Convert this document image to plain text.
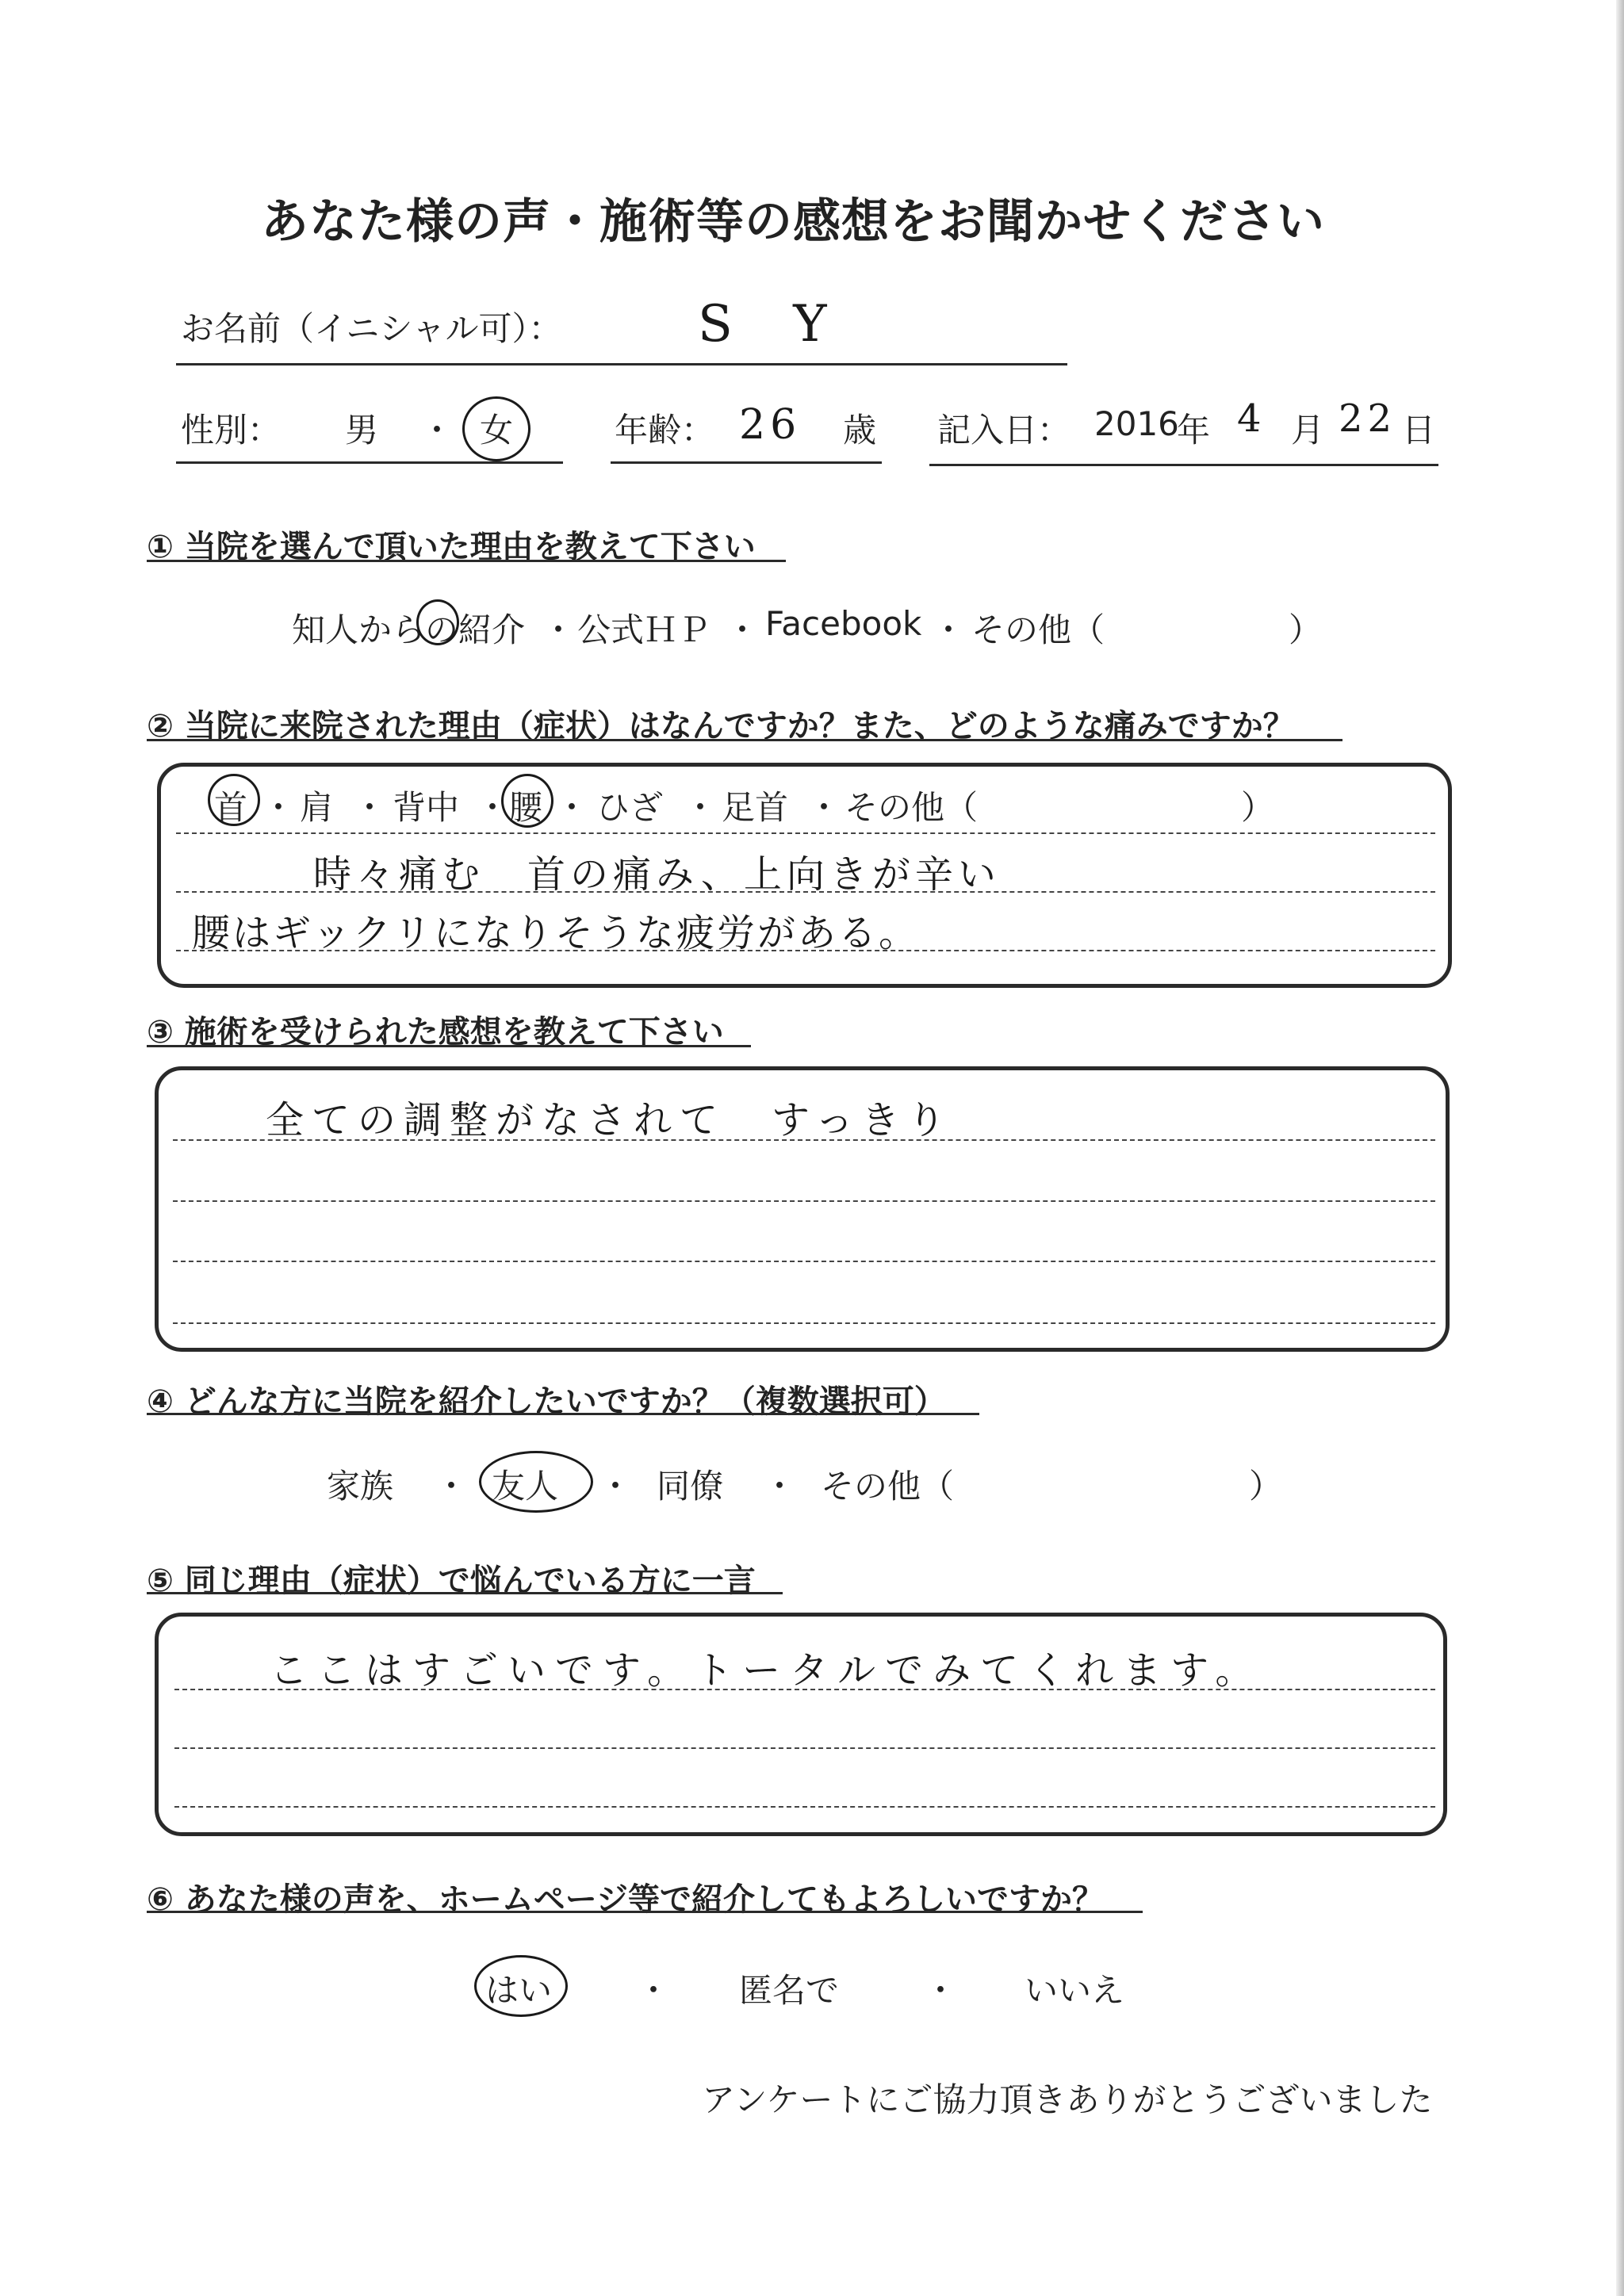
あなた様の声・施術等の感想をお聞かせください
お名前（イニシャル可）：	S Y
性別： 男 ・ 女	年齢： 26 歳 記入日： 2016
年 4 月 22 日
① 当院を選んで頂いた理由を教えて下さい
知人からの紹介 ・ 公式ＨＰ ・ Facebook ・ その他（	）
② 当院に来院された理由（症状）はなんですか？また、どのような痛みですか？
首 ・ 肩 ・ 背中 ・ 腰 ・ ひざ ・ 足首 ・ その他（	）
時々痛む　首の痛み、上向きが辛い
腰はギックリになりそうな疲労がある。
③ 施術を受けられた感想を教えて下さい
全ての調整がなされて　すっきり
④ どんな方に当院を紹介したいですか？（複数選択可）
家族 ・ 友人 ・ 同僚 ・ その他（	）
⑤ 同じ理由（症状）で悩んでいる方に一言
ここはすごいです。トータルでみてくれます。
⑥ あなた様の声を、ホームページ等で紹介してもよろしいですか？
はい	・ 匿名で	・ いいえ
アンケートにご協力頂きありがとうございました
